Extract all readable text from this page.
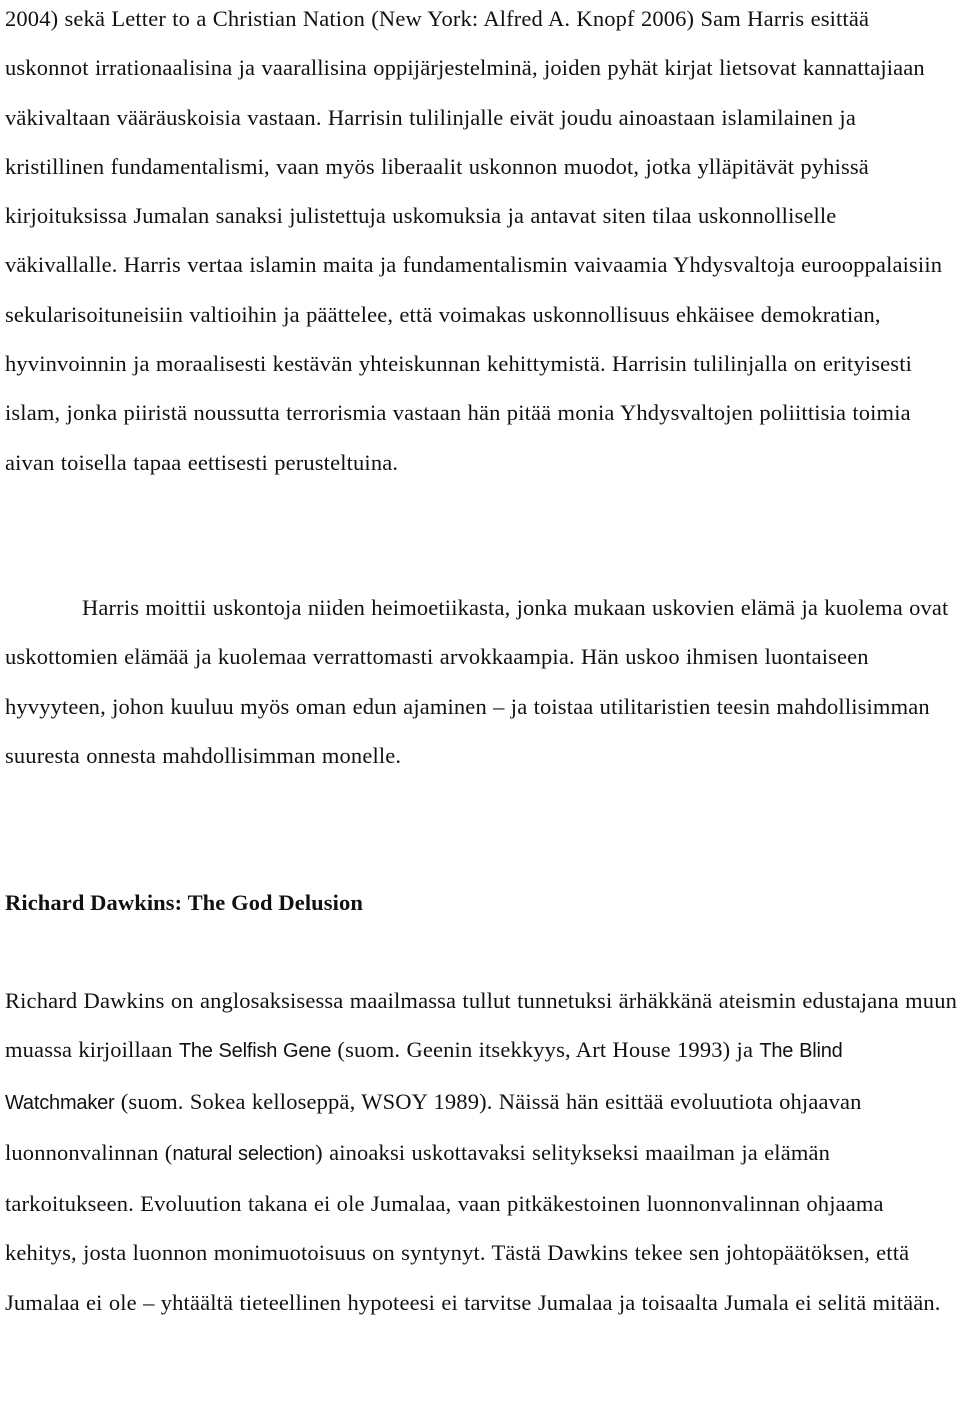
2004) sekä Letter to a Christian Nation (New York: Alfred A. Knopf 2006) Sam Harris esittää uskonnot irrationaalisina ja vaarallisina oppijärjestelminä, joiden pyhät kirjat lietsovat kannattajiaan väkivaltaan vääräuskoisia vastaan. Harrisin tulilinjalle eivät joudu ainoastaan islamilainen ja kristillinen fundamentalismi, vaan myös liberaalit uskonnon muodot, jotka ylläpitävät pyhissä kirjoituksissa Jumalan sanaksi julistettuja uskomuksia ja antavat siten tilaa uskonnolliselle väkivallalle. Harris vertaa islamin maita ja fundamentalismin vaivaamia Yhdysvaltoja eurooppalaisiin sekularisoituneisiin valtioihin ja päättelee, että voimakas uskonnollisuus ehkäisee demokratian, hyvinvoinnin ja moraalisesti kestävän yhteiskunnan kehittymistä. Harrisin tulilinjalla on erityisesti islam, jonka piiristä noussutta terrorismia vastaan hän pitää monia Yhdysvaltojen poliittisia toimia aivan toisella tapaa eettisesti perusteltuina.

Harris moittii uskontoja niiden heimoetiikasta, jonka mukaan uskovien elämä ja kuolema ovat uskottomien elämää ja kuolemaa verrattomasti arvokkaampia. Hän uskoo ihmisen luontaiseen hyvyyteen, johon kuuluu myös oman edun ajaminen – ja toistaa utilitaristien teesin mahdollisimman suuresta onnesta mahdollisimman monelle.

Richard Dawkins: The God Delusion

Richard Dawkins on anglosaksisessa maailmassa tullut tunnetuksi ärhäkkänä ateismin edustajana muun muassa kirjoillaan The Selfish Gene (suom. Geenin itsekkyys, Art House 1993) ja The Blind Watchmaker (suom. Sokea kelloseppä, WSOY 1989). Näissä hän esittää evoluutiota ohjaavan luonnonvalinnan (natural selection) ainoaksi uskottavaksi selitykseksi maailman ja elämän tarkoitukseen. Evoluution takana ei ole Jumalaa, vaan pitkäkestoinen luonnonvalinnan ohjaama kehitys, josta luonnon monimuotoisuus on syntynyt. Tästä Dawkins tekee sen johtopäätöksen, että Jumalaa ei ole – yhtäältä tieteellinen hypoteesi ei tarvitse Jumalaa ja toisaalta Jumala ei selitä mitään.
